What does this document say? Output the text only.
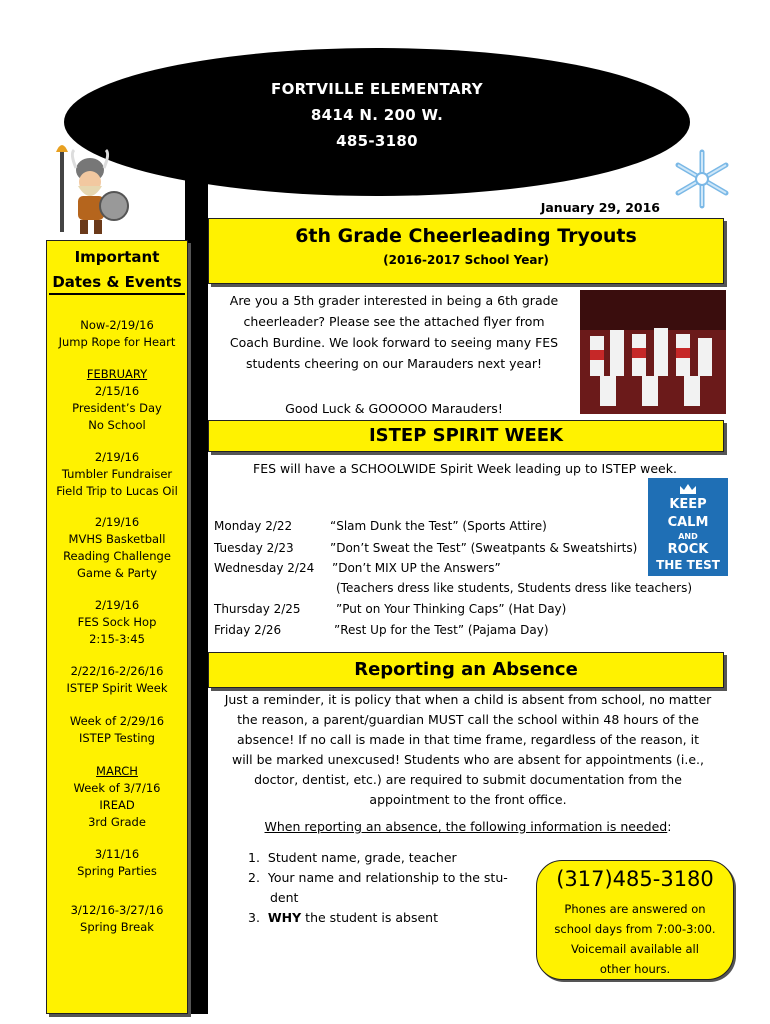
FORTVILLE ELEMENTARY
8414 N. 200 W.
485-3180
January 29, 2016
Important
Dates & Events
Now-2/19/16
Jump Rope for Heart
FEBRUARY
2/15/16
President’s Day
No School
2/19/16
Tumbler Fundraiser
Field Trip to Lucas Oil
2/19/16
MVHS Basketball
Reading Challenge
Game & Party
2/19/16
FES Sock Hop
2:15-3:45
2/22/16-2/26/16
ISTEP Spirit Week
Week of 2/29/16
ISTEP Testing
MARCH
Week of 3/7/16
IREAD
3rd Grade
3/11/16
Spring Parties
3/12/16-3/27/16
Spring Break
6th Grade Cheerleading Tryouts
(2016-2017 School Year)
Are you a 5th grader interested in being a 6th grade
cheerleader? Please see the attached flyer from
Coach Burdine. We look forward to seeing many FES
students cheering on our Marauders next year!
Good Luck & GOOOOO Marauders!
ISTEP SPIRIT WEEK
FES will have a SCHOOLWIDE Spirit Week leading up to ISTEP week.
Monday 2/22	“Slam Dunk the Test” (Sports Attire)
Tuesday 2/23	”Don’t Sweat the Test” (Sweatpants & Sweatshirts)
Wednesday 2/24 ”Don’t MIX UP the Answers”
(Teachers dress like students, Students dress like teachers)
Thursday 2/25	”Put on Your Thinking Caps” (Hat Day)
Friday 2/26	”Rest Up for the Test” (Pajama Day)
KEEP
CALM
AND
ROCK
THE TEST
Reporting an Absence
Just a reminder, it is policy that when a child is absent from school, no matter
the reason, a parent/guardian MUST call the school within 48 hours of the
absence! If no call is made in that time frame, regardless of the reason, it
will be marked unexcused! Students who are absent for appointments (i.e.,
doctor, dentist, etc.) are required to submit documentation from the
appointment to the front office.
When reporting an absence, the following information is needed:
1. Student name, grade, teacher
2. Your name and relationship to the stu-
dent
3. WHY the student is absent
(317)485-3180
Phones are answered on
school days from 7:00-3:00.
Voicemail available all
other hours.
